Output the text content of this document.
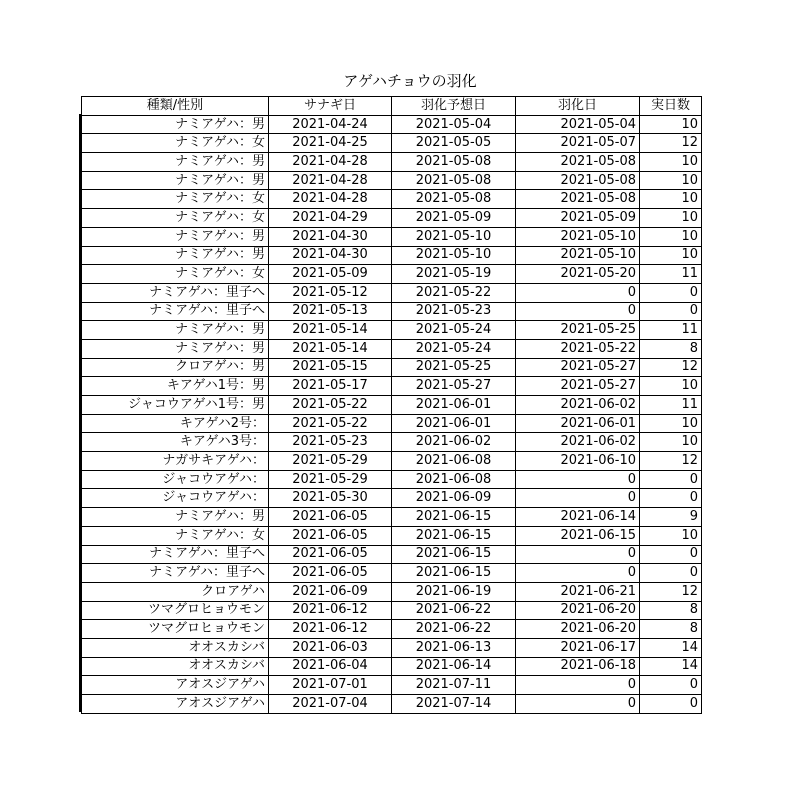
アゲハチョウの羽化
種類/性別	サナギ日	羽化予想日	羽化日	実日数
ナミアゲハ：男	2021-04-24	2021-05-04	2021-05-04	10
ナミアゲハ：女	2021-04-25	2021-05-05	2021-05-07	12
ナミアゲハ：男	2021-04-28	2021-05-08	2021-05-08	10
ナミアゲハ：男	2021-04-28	2021-05-08	2021-05-08	10
ナミアゲハ：女	2021-04-28	2021-05-08	2021-05-08	10
ナミアゲハ：女	2021-04-29	2021-05-09	2021-05-09	10
ナミアゲハ：男	2021-04-30	2021-05-10	2021-05-10	10
ナミアゲハ：男	2021-04-30	2021-05-10	2021-05-10	10
ナミアゲハ：女	2021-05-09	2021-05-19	2021-05-20	11
ナミアゲハ：里子へ	2021-05-12	2021-05-22	0	0
ナミアゲハ：里子へ	2021-05-13	2021-05-23	0	0
ナミアゲハ：男	2021-05-14	2021-05-24	2021-05-25	11
ナミアゲハ：男	2021-05-14	2021-05-24	2021-05-22	8
クロアゲハ：男	2021-05-15	2021-05-25	2021-05-27	12
キアゲハ1号：男	2021-05-17	2021-05-27	2021-05-27	10
ジャコウアゲハ1号：男	2021-05-22	2021-06-01	2021-06-02	11
キアゲハ2号：	2021-05-22	2021-06-01	2021-06-01	10
キアゲハ3号：	2021-05-23	2021-06-02	2021-06-02	10
ナガサキアゲハ：	2021-05-29	2021-06-08	2021-06-10	12
ジャコウアゲハ：	2021-05-29	2021-06-08	0	0
ジャコウアゲハ：	2021-05-30	2021-06-09	0	0
ナミアゲハ：男	2021-06-05	2021-06-15	2021-06-14	9
ナミアゲハ：女	2021-06-05	2021-06-15	2021-06-15	10
ナミアゲハ：里子へ	2021-06-05	2021-06-15	0	0
ナミアゲハ：里子へ	2021-06-05	2021-06-15	0	0
クロアゲハ	2021-06-09	2021-06-19	2021-06-21	12
ツマグロヒョウモン	2021-06-12	2021-06-22	2021-06-20	8
ツマグロヒョウモン	2021-06-12	2021-06-22	2021-06-20	8
オオスカシバ	2021-06-03	2021-06-13	2021-06-17	14
オオスカシバ	2021-06-04	2021-06-14	2021-06-18	14
アオスジアゲハ	2021-07-01	2021-07-11	0	0
アオスジアゲハ	2021-07-04	2021-07-14	0	0
